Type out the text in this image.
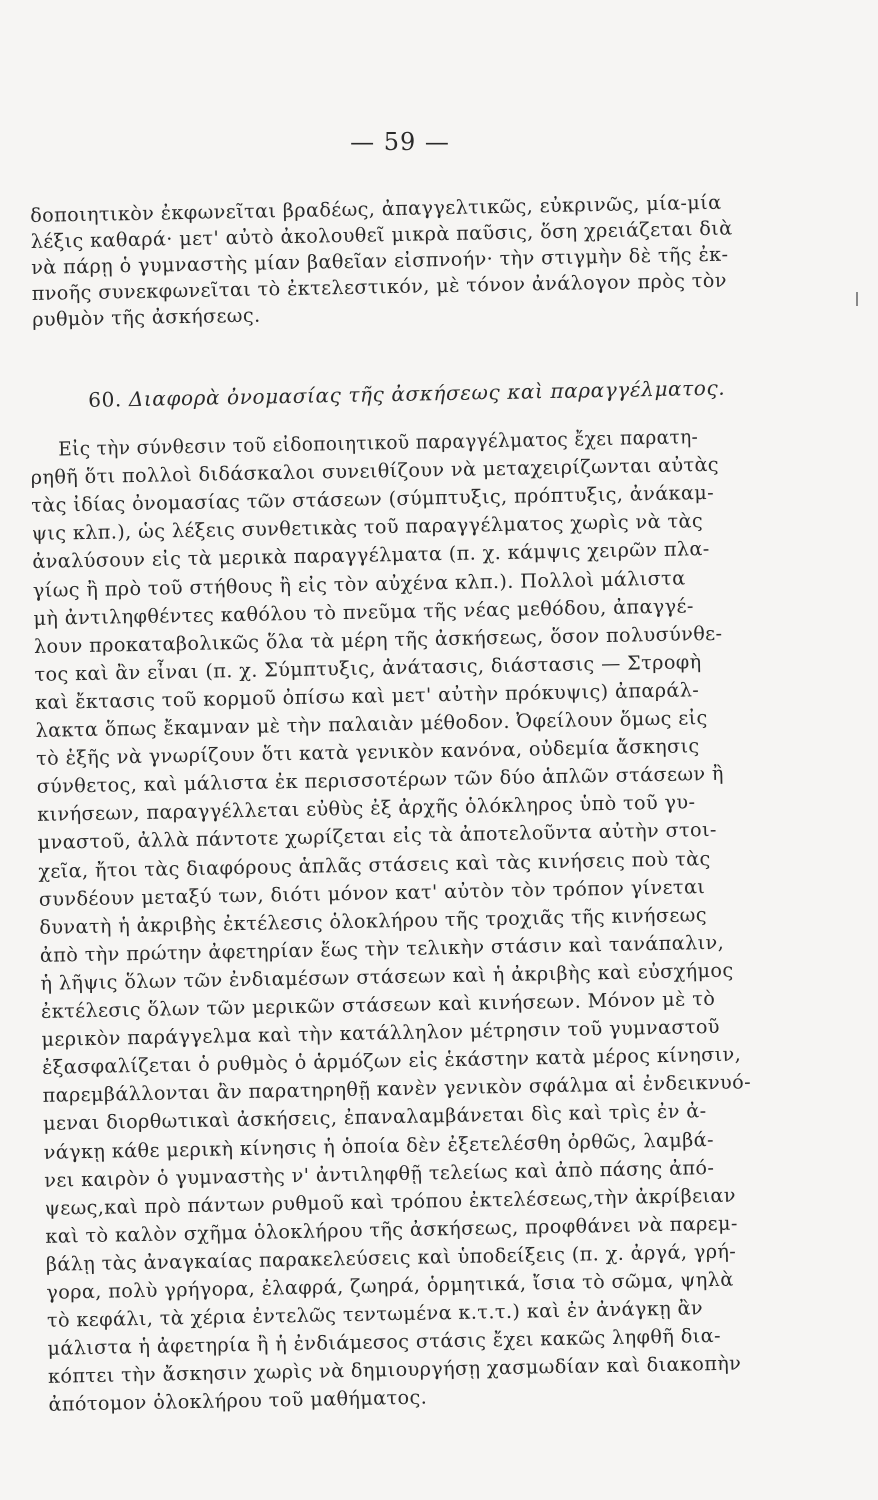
— 59 —
δοποιητικὸν ἐκφωνεῖται βραδέως, ἀπαγγελτικῶς, εὐκρινῶς, μία-μία
λέξις καθαρά· μετ' αὐτὸ ἀκολουθεῖ μικρὰ παῦσις, ὅση χρειάζεται διὰ
νὰ πάρῃ ὁ γυμναστὴς μίαν βαθεῖαν εἰσπνοήν· τὴν στιγμὴν δὲ τῆς ἐκ-
πνοῆς συνεκφωνεῖται τὸ ἐκτελεστικόν, μὲ τόνον ἀνάλογον πρὸς τὸν
ρυθμὸν τῆς ἀσκήσεως.
60. Διαφορὰ ὀνομασίας τῆς ἀσκήσεως καὶ παραγγέλματος.
Εἰς τὴν σύνθεσιν τοῦ εἰδοποιητικοῦ παραγγέλματος ἔχει παρατη-
ρηθῆ ὅτι πολλοὶ διδάσκαλοι συνειθίζουν νὰ μεταχειρίζωνται αὐτὰς
τὰς ἰδίας ὀνομασίας τῶν στάσεων (σύμπτυξις, πρόπτυξις, ἀνάκαμ-
ψις κλπ.), ὡς λέξεις συνθετικὰς τοῦ παραγγέλματος χωρὶς νὰ τὰς
ἀναλύσουν εἰς τὰ μερικὰ παραγγέλματα (π. χ. κάμψις χειρῶν πλα-
γίως ἢ πρὸ τοῦ στήθους ἢ εἰς τὸν αὐχένα κλπ.). Πολλοὶ μάλιστα
μὴ ἀντιληφθέντες καθόλου τὸ πνεῦμα τῆς νέας μεθόδου, ἀπαγγέ-
λουν προκαταβολικῶς ὅλα τὰ μέρη τῆς ἀσκήσεως, ὅσον πολυσύνθε-
τος καὶ ἂν εἶναι (π. χ. Σύμπτυξις, ἀνάτασις, διάστασις — Στροφὴ
καὶ ἔκτασις τοῦ κορμοῦ ὀπίσω καὶ μετ' αὐτὴν πρόκυψις) ἀπαράλ-
λακτα ὅπως ἔκαμναν μὲ τὴν παλαιὰν μέθοδον. Ὀφείλουν ὅμως εἰς
τὸ ἑξῆς νὰ γνωρίζουν ὅτι κατὰ γενικὸν κανόνα, οὐδεμία ἄσκησις
σύνθετος, καὶ μάλιστα ἐκ περισσοτέρων τῶν δύο ἁπλῶν στάσεων ἢ
κινήσεων, παραγγέλλεται εὐθὺς ἐξ ἀρχῆς ὁλόκληρος ὑπὸ τοῦ γυ-
μναστοῦ, ἀλλὰ πάντοτε χωρίζεται εἰς τὰ ἀποτελοῦντα αὐτὴν στοι-
χεῖα, ἤτοι τὰς διαφόρους ἁπλᾶς στάσεις καὶ τὰς κινήσεις ποὺ τὰς
συνδέουν μεταξύ των, διότι μόνον κατ' αὐτὸν τὸν τρόπον γίνεται
δυνατὴ ἡ ἀκριβὴς ἐκτέλεσις ὁλοκλήρου τῆς τροχιᾶς τῆς κινήσεως
ἀπὸ τὴν πρώτην ἀφετηρίαν ἕως τὴν τελικὴν στάσιν καὶ τανάπαλιν,
ἡ λῆψις ὅλων τῶν ἐνδιαμέσων στάσεων καὶ ἡ ἀκριβὴς καὶ εὐσχήμος
ἐκτέλεσις ὅλων τῶν μερικῶν στάσεων καὶ κινήσεων. Μόνον μὲ τὸ
μερικὸν παράγγελμα καὶ τὴν κατάλληλον μέτρησιν τοῦ γυμναστοῦ
ἐξασφαλίζεται ὁ ρυθμὸς ὁ ἁρμόζων εἰς ἑκάστην κατὰ μέρος κίνησιν,
παρεμβάλλονται ἂν παρατηρηθῇ κανὲν γενικὸν σφάλμα αἱ ἐνδεικνυό-
μεναι διορθωτικαὶ ἀσκήσεις, ἐπαναλαμβάνεται δὶς καὶ τρὶς ἐν ἀ-
νάγκῃ κάθε μερικὴ κίνησις ἡ ὁποία δὲν ἐξετελέσθη ὀρθῶς, λαμβά-
νει καιρὸν ὁ γυμναστὴς ν' ἀντιληφθῇ τελείως καὶ ἀπὸ πάσης ἀπό-
ψεως,καὶ πρὸ πάντων ρυθμοῦ καὶ τρόπου ἐκτελέσεως,τὴν ἀκρίβειαν
καὶ τὸ καλὸν σχῆμα ὁλοκλήρου τῆς ἀσκήσεως, προφθάνει νὰ παρεμ-
βάλῃ τὰς ἀναγκαίας παρακελεύσεις καὶ ὑποδείξεις (π. χ. ἀργά, γρή-
γορα, πολὺ γρήγορα, ἐλαφρά, ζωηρά, ὁρμητικά, ἴσια τὸ σῶμα, ψηλὰ
τὸ κεφάλι, τὰ χέρια ἐντελῶς τεντωμένα κ.τ.τ.) καὶ ἐν ἀνάγκῃ ἂν
μάλιστα ἡ ἀφετηρία ἢ ἡ ἐνδιάμεσος στάσις ἔχει κακῶς ληφθῆ δια-
κόπτει τὴν ἄσκησιν χωρὶς νὰ δημιουργήσῃ χασμωδίαν καὶ διακοπὴν
ἀπότομον ὁλοκλήρου τοῦ μαθήματος.
